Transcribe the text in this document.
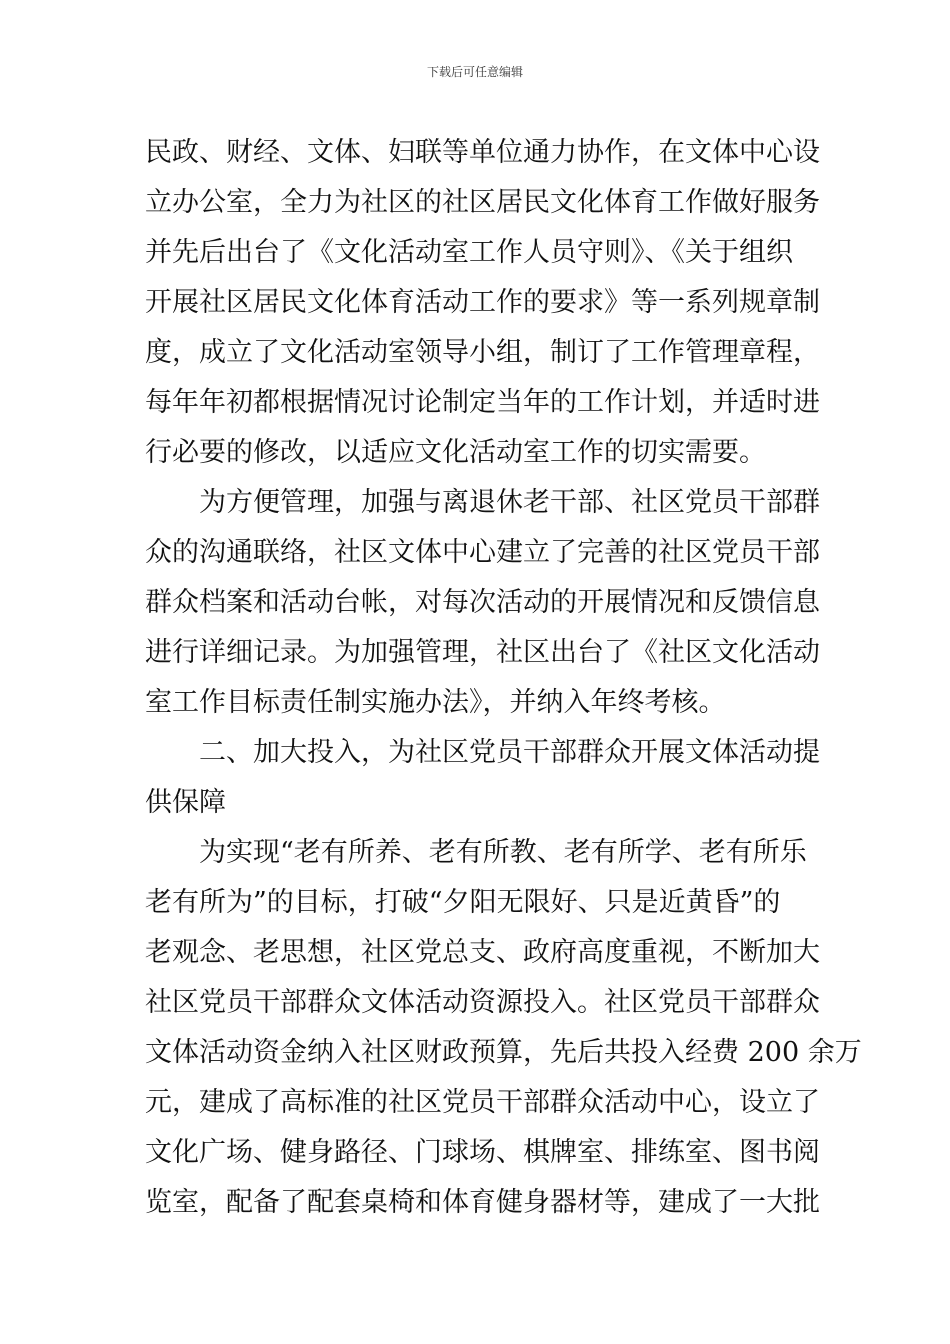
下载后可任意编辑
民政、财经、文体、妇联等单位通力协作，在文体中心设
立办公室，全力为社区的社区居民文化体育工作做好服务
并先后出台了《文化活动室工作人员守则》、《关于组织
开展社区居民文化体育活动工作的要求》等一系列规章制
度，成立了文化活动室领导小组，制订了工作管理章程，
每年年初都根据情况讨论制定当年的工作计划，并适时进
行必要的修改，以适应文化活动室工作的切实需要。
为方便管理，加强与离退休老干部、社区党员干部群
众的沟通联络，社区文体中心建立了完善的社区党员干部
群众档案和活动台帐，对每次活动的开展情况和反馈信息
进行详细记录。为加强管理，社区出台了《社区文化活动
室工作目标责任制实施办法》，并纳入年终考核。
二、加大投入，为社区党员干部群众开展文体活动提
供保障
为实现“老有所养、老有所教、老有所学、老有所乐
老有所为”的目标，打破“夕阳无限好、只是近黄昏”的
老观念、老思想，社区党总支、政府高度重视，不断加大
社区党员干部群众文体活动资源投入。社区党员干部群众
文体活动资金纳入社区财政预算，先后共投入经费 200 余万
元，建成了高标准的社区党员干部群众活动中心，设立了
文化广场、健身路径、门球场、棋牌室、排练室、图书阅
览室，配备了配套桌椅和体育健身器材等，建成了一大批
